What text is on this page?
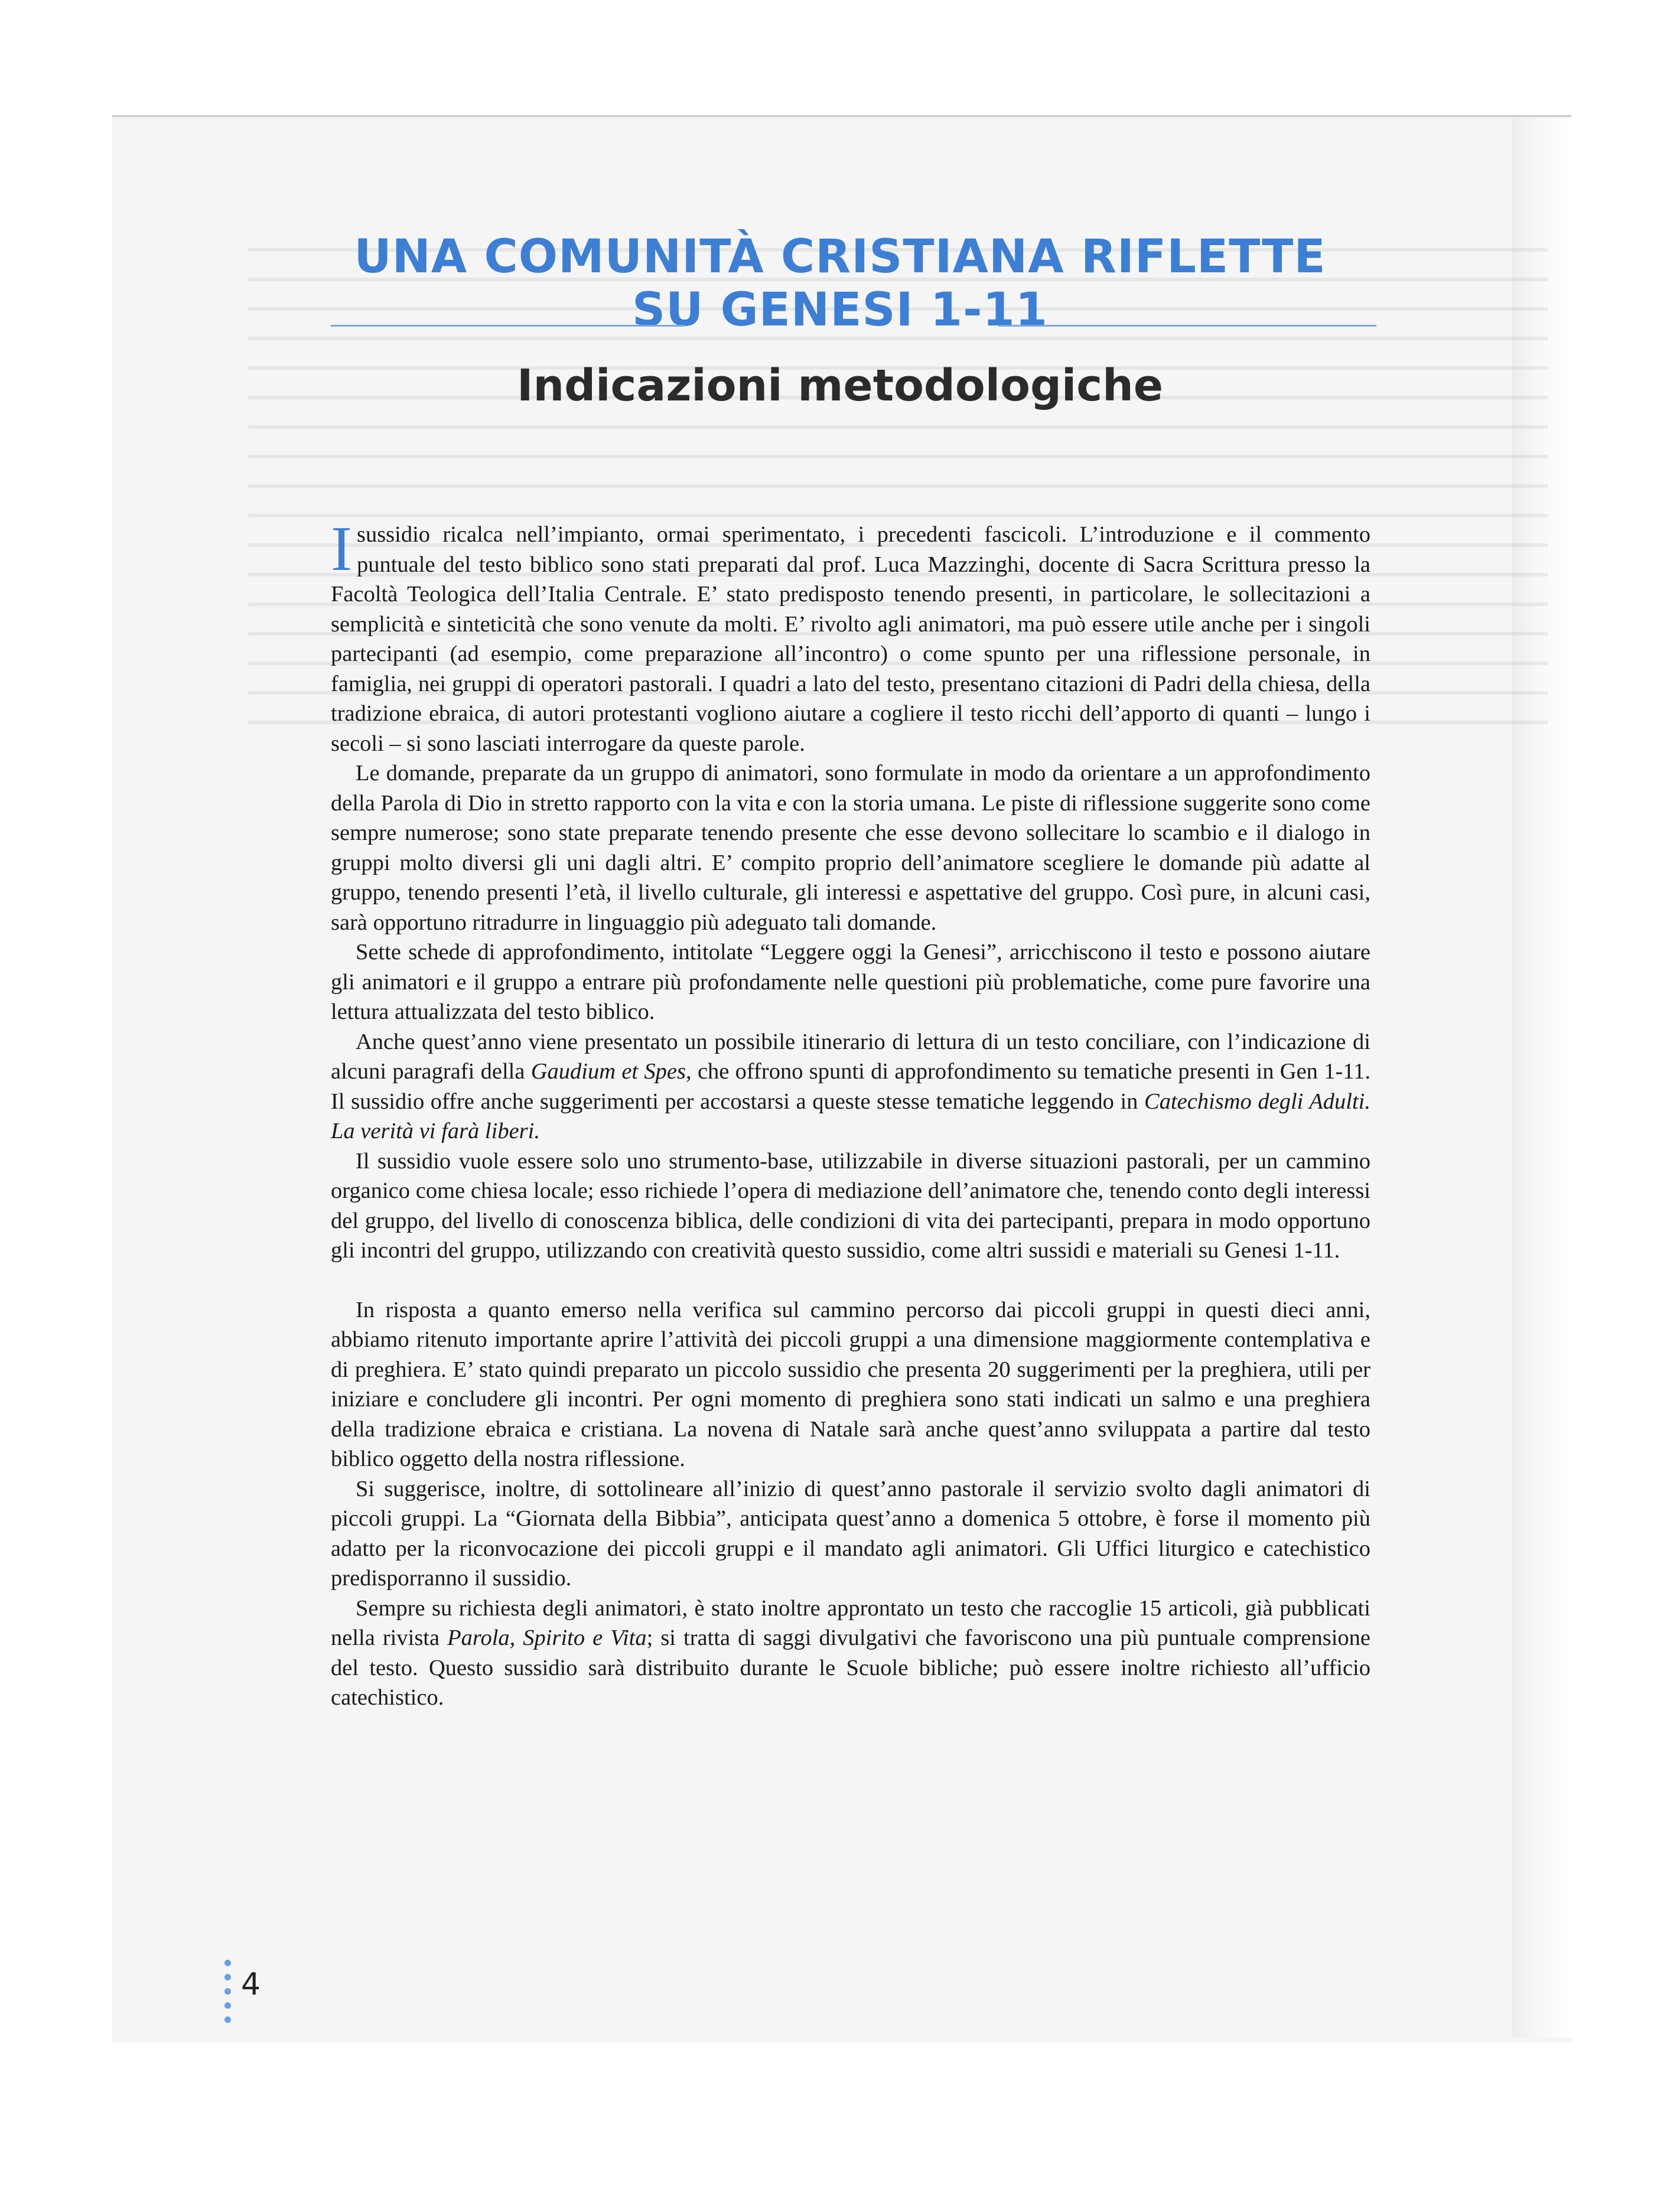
UNA COMUNITÀ CRISTIANA RIFLETTE
SU GENESI 1-11
Indicazioni metodologiche

I sussidio ricalca nell’impianto, ormai sperimentato, i precedenti fascicoli. L’introduzione e il commento puntuale del testo biblico sono stati preparati dal prof. Luca Mazzinghi, docente di Sacra Scrittura presso la Facoltà Teologica dell’Italia Centrale. E’ stato predisposto tenendo presenti, in particolare, le sollecitazioni a semplicità e sinteticità che sono venute da molti. E’ rivolto agli animatori, ma può essere utile anche per i singoli partecipanti (ad esempio, come preparazione all’incontro) o come spunto per una riflessione personale, in famiglia, nei gruppi di operatori pastorali. I quadri a lato del testo, presentano citazioni di Padri della chiesa, della tradizione ebraica, di autori protestanti vogliono aiutare a cogliere il testo ricchi dell’apporto di quanti – lungo i secoli – si sono lasciati interrogare da queste parole.

Le domande, preparate da un gruppo di animatori, sono formulate in modo da orientare a un approfondimento della Parola di Dio in stretto rapporto con la vita e con la storia umana. Le piste di riflessione suggerite sono come sempre numerose; sono state preparate tenendo presente che esse devono sollecitare lo scambio e il dialogo in gruppi molto diversi gli uni dagli altri. E’ compito proprio dell’animatore scegliere le domande più adatte al gruppo, tenendo presenti l’età, il livello culturale, gli interessi e aspettative del gruppo. Così pure, in alcuni casi, sarà opportuno ritradurre in linguaggio più adeguato tali domande.

Sette schede di approfondimento, intitolate “Leggere oggi la Genesi”, arricchiscono il testo e possono aiutare gli animatori e il gruppo a entrare più profondamente nelle questioni più problematiche, come pure favorire una lettura attualizzata del testo biblico.

Anche quest’anno viene presentato un possibile itinerario di lettura di un testo conciliare, con l’indicazione di alcuni paragrafi della Gaudium et Spes, che offrono spunti di approfondimento su tematiche presenti in Gen 1-11. Il sussidio offre anche suggerimenti per accostarsi a queste stesse tematiche leggendo in Catechismo degli Adulti. La verità vi farà liberi.

Il sussidio vuole essere solo uno strumento-base, utilizzabile in diverse situazioni pastorali, per un cammino organico come chiesa locale; esso richiede l’opera di mediazione dell’animatore che, tenendo conto degli interessi del gruppo, del livello di conoscenza biblica, delle condizioni di vita dei partecipanti, prepara in modo opportuno gli incontri del gruppo, utilizzando con creatività questo sussidio, come altri sussidi e materiali su Genesi 1-11.

In risposta a quanto emerso nella verifica sul cammino percorso dai piccoli gruppi in questi dieci anni, abbiamo ritenuto importante aprire l’attività dei piccoli gruppi a una dimensione maggiormente contemplativa e di preghiera. E’ stato quindi preparato un piccolo sussidio che presenta 20 suggerimenti per la preghiera, utili per iniziare e concludere gli incontri. Per ogni momento di preghiera sono stati indicati un salmo e una preghiera della tradizione ebraica e cristiana. La novena di Natale sarà anche quest’anno sviluppata a partire dal testo biblico oggetto della nostra riflessione.

Si suggerisce, inoltre, di sottolineare all’inizio di quest’anno pastorale il servizio svolto dagli animatori di piccoli gruppi. La “Giornata della Bibbia”, anticipata quest’anno a domenica 5 ottobre, è forse il momento più adatto per la riconvocazione dei piccoli gruppi e il mandato agli animatori. Gli Uffici liturgico e catechistico predisporranno il sussidio.

Sempre su richiesta degli animatori, è stato inoltre approntato un testo che raccoglie 15 articoli, già pubblicati nella rivista Parola, Spirito e Vita; si tratta di saggi divulgativi che favoriscono una più puntuale comprensione del testo. Questo sussidio sarà distribuito durante le Scuole bibliche; può essere inoltre richiesto all’ufficio catechistico.

4
